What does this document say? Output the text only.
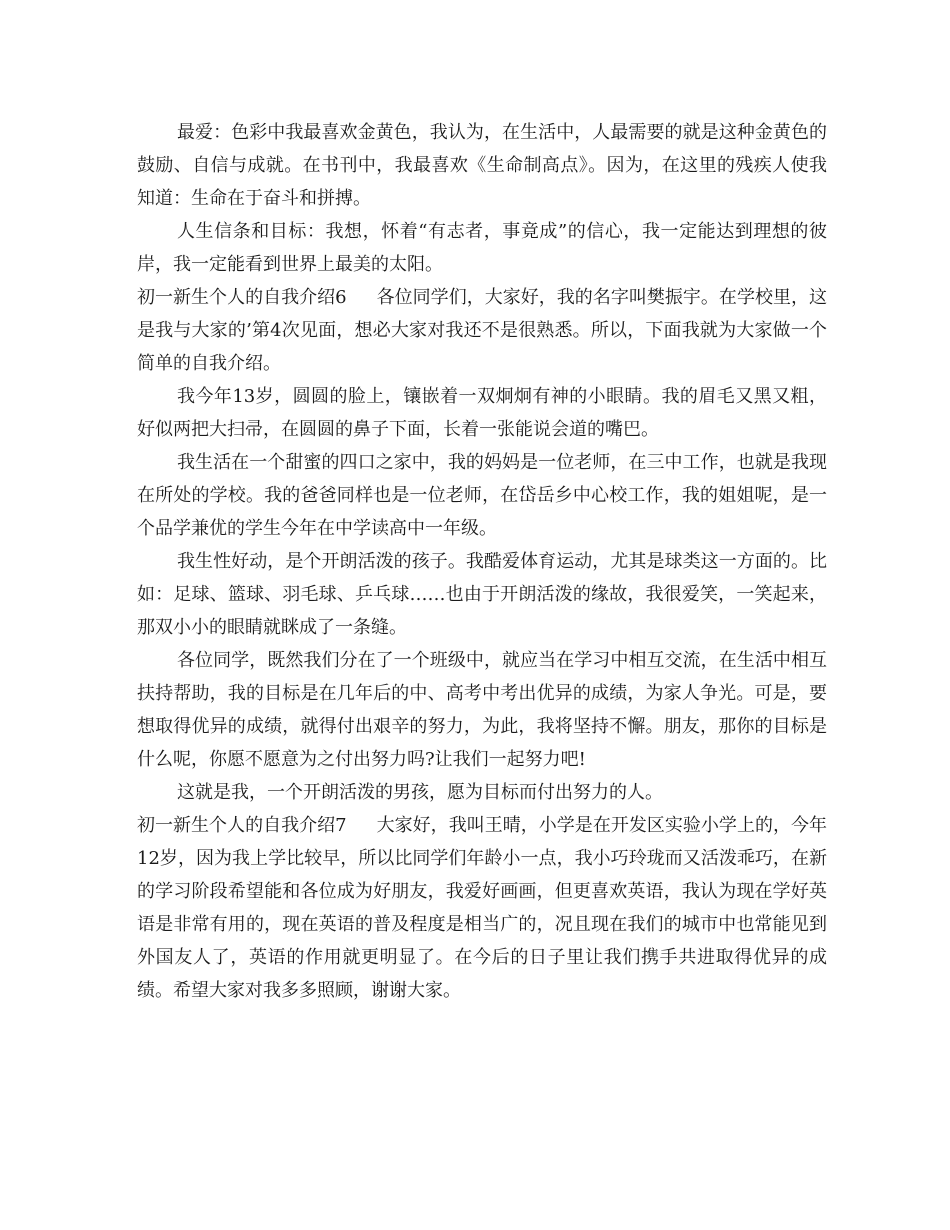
最爱：色彩中我最喜欢金黄色，我认为，在生活中，人最需要的就是这种金黄色的鼓励、自信与成就。在书刊中，我最喜欢《生命制高点》。因为，在这里的残疾人使我知道：生命在于奋斗和拼搏。

人生信条和目标：我想，怀着“有志者，事竟成”的信心，我一定能达到理想的彼岸，我一定能看到世界上最美的太阳。

初一新生个人的自我介绍6 各位同学们，大家好，我的名字叫樊振宇。在学校里，这是我与大家的’第4次见面，想必大家对我还不是很熟悉。所以，下面我就为大家做一个简单的自我介绍。

我今年13岁，圆圆的脸上，镶嵌着一双炯炯有神的小眼睛。我的眉毛又黑又粗，好似两把大扫帚，在圆圆的鼻子下面，长着一张能说会道的嘴巴。

我生活在一个甜蜜的四口之家中，我的妈妈是一位老师，在三中工作，也就是我现在所处的学校。我的爸爸同样也是一位老师，在岱岳乡中心校工作，我的姐姐呢，是一个品学兼优的学生今年在中学读高中一年级。

我生性好动，是个开朗活泼的孩子。我酷爱体育运动，尤其是球类这一方面的。比如：足球、篮球、羽毛球、乒乓球……也由于开朗活泼的缘故，我很爱笑，一笑起来，那双小小的眼睛就眯成了一条缝。

各位同学，既然我们分在了一个班级中，就应当在学习中相互交流，在生活中相互扶持帮助，我的目标是在几年后的中、高考中考出优异的成绩，为家人争光。可是，要想取得优异的成绩，就得付出艰辛的努力，为此，我将坚持不懈。朋友，那你的目标是什么呢，你愿不愿意为之付出努力吗?让我们一起努力吧!

这就是我，一个开朗活泼的男孩，愿为目标而付出努力的人。

初一新生个人的自我介绍7 大家好，我叫王晴，小学是在开发区实验小学上的，今年12岁，因为我上学比较早，所以比同学们年龄小一点，我小巧玲珑而又活泼乖巧，在新的学习阶段希望能和各位成为好朋友，我爱好画画，但更喜欢英语，我认为现在学好英语是非常有用的，现在英语的普及程度是相当广的，况且现在我们的城市中也常能见到外国友人了，英语的作用就更明显了。在今后的日子里让我们携手共进取得优异的成绩。希望大家对我多多照顾，谢谢大家。
